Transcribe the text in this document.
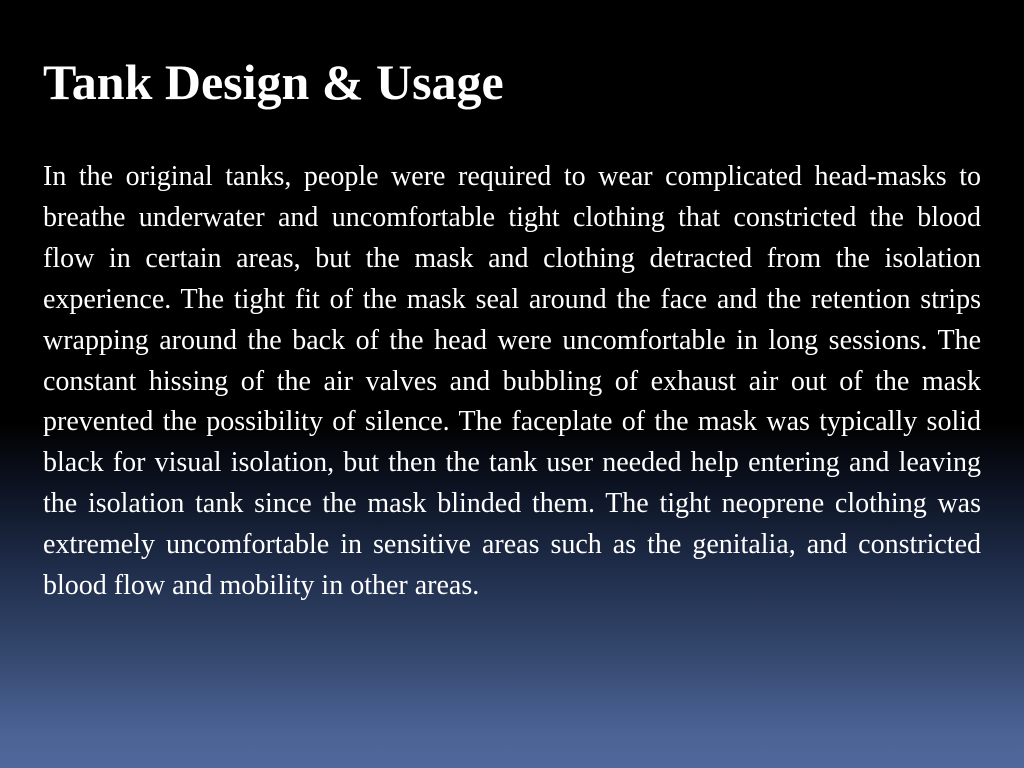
Tank Design & Usage

In the original tanks, people were required to wear complicated head-masks to breathe underwater and uncomfortable tight clothing that constricted the blood flow in certain areas, but the mask and clothing detracted from the isolation experience. The tight fit of the mask seal around the face and the retention strips wrapping around the back of the head were uncomfortable in long sessions. The constant hissing of the air valves and bubbling of exhaust air out of the mask prevented the possibility of silence. The faceplate of the mask was typically solid black for visual isolation, but then the tank user needed help entering and leaving the isolation tank since the mask blinded them. The tight neoprene clothing was extremely uncomfortable in sensitive areas such as the genitalia, and constricted blood flow and mobility in other areas.
